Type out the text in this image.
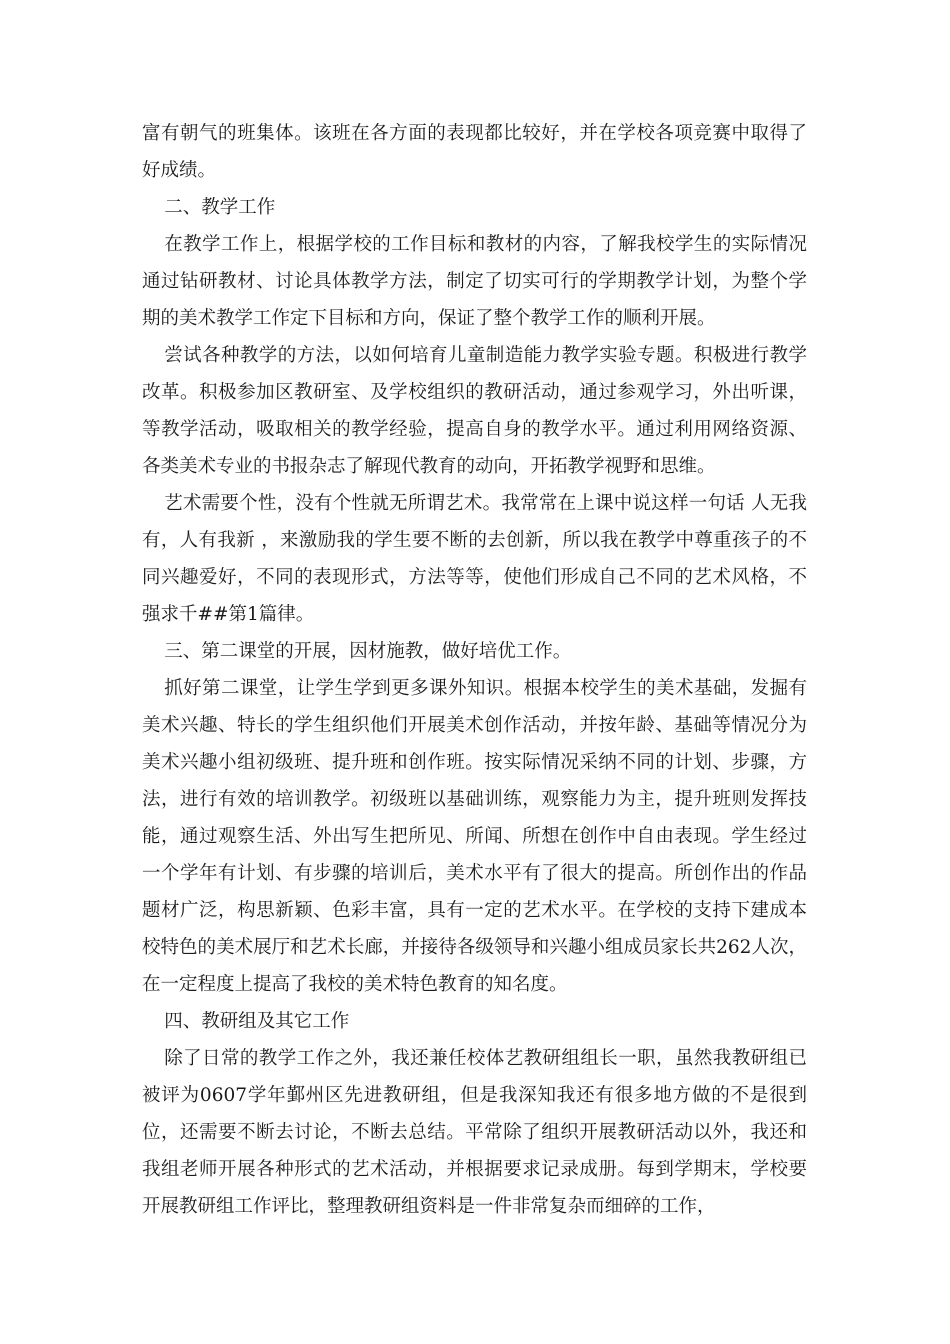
富有朝气的班集体。该班在各方面的表现都比较好，并在学校各项竞赛中取得了好成绩。

二、教学工作

在教学工作上，根据学校的工作目标和教材的内容，了解我校学生的实际情况通过钻研教材、讨论具体教学方法，制定了切实可行的学期教学计划，为整个学期的美术教学工作定下目标和方向，保证了整个教学工作的顺利开展。

尝试各种教学的方法，以如何培育儿童制造能力教学实验专题。积极进行教学改革。积极参加区教研室、及学校组织的教研活动，通过参观学习，外出听课，等教学活动，吸取相关的教学经验，提高自身的教学水平。通过利用网络资源、各类美术专业的书报杂志了解现代教育的动向，开拓教学视野和思维。

艺术需要个性，没有个性就无所谓艺术。我常常在上课中说这样一句话 人无我有，人有我新 ，来激励我的学生要不断的去创新，所以我在教学中尊重孩子的不同兴趣爱好，不同的表现形式，方法等等，使他们形成自己不同的艺术风格，不强求千##第1篇律。

三、第二课堂的开展，因材施教，做好培优工作。

抓好第二课堂，让学生学到更多课外知识。根据本校学生的美术基础，发掘有美术兴趣、特长的学生组织他们开展美术创作活动，并按年龄、基础等情况分为美术兴趣小组初级班、提升班和创作班。按实际情况采纳不同的计划、步骤，方法，进行有效的培训教学。初级班以基础训练，观察能力为主，提升班则发挥技能，通过观察生活、外出写生把所见、所闻、所想在创作中自由表现。学生经过一个学年有计划、有步骤的培训后，美术水平有了很大的提高。所创作出的作品题材广泛，构思新颖、色彩丰富，具有一定的艺术水平。在学校的支持下建成本校特色的美术展厅和艺术长廊，并接待各级领导和兴趣小组成员家长共262人次，在一定程度上提高了我校的美术特色教育的知名度。

四、教研组及其它工作

除了日常的教学工作之外，我还兼任校体艺教研组组长一职，虽然我教研组已被评为0607学年鄞州区先进教研组，但是我深知我还有很多地方做的不是很到位，还需要不断去讨论，不断去总结。平常除了组织开展教研活动以外，我还和我组老师开展各种形式的艺术活动，并根据要求记录成册。每到学期末，学校要开展教研组工作评比，整理教研组资料是一件非常复杂而细碎的工作，
